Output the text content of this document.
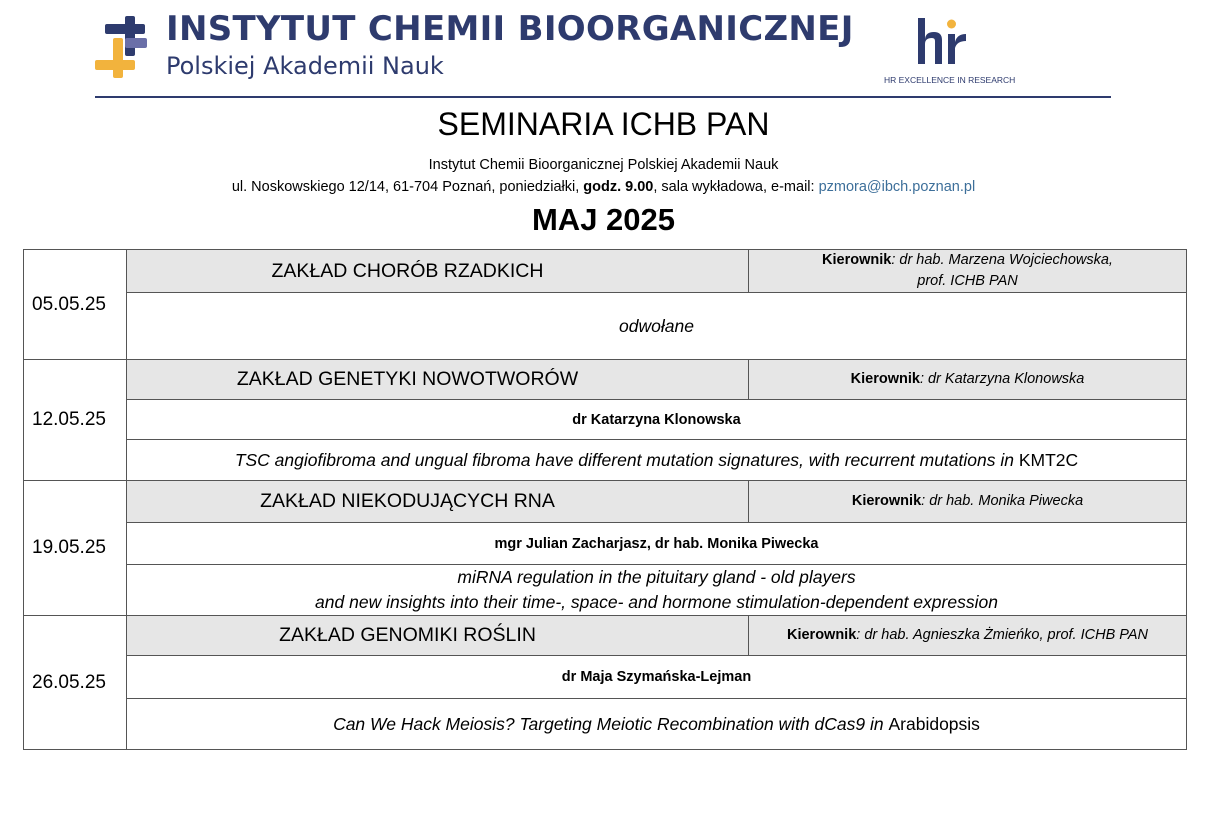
INSTYTUT CHEMII BIOORGANICZNEJ
Polskiej Akademii Nauk	HR EXCELLENCE IN RESEARCH
SEMINARIA ICHB PAN
Instytut Chemii Bioorganicznej Polskiej Akademii Nauk
ul. Noskowskiego 12/14, 61-704 Poznań, poniedziałki, godz. 9.00, sala wykładowa, e-mail: pzmora@ibch.poznan.pl
MAJ 2025
05.05.25	ZAKŁAD CHORÓB RZADKICH	Kierownik: dr hab. Marzena Wojciechowska,
prof. ICHB PAN
	odwołane	
12.05.25	ZAKŁAD GENETYKI NOWOTWORÓW	Kierownik: dr Katarzyna Klonowska
	dr Katarzyna Klonowska	
	TSC angiofibroma and ungual fibroma have different mutation signatures, with recurrent mutations in KMT2C	
19.05.25	ZAKŁAD NIEKODUJĄCYCH RNA	Kierownik: dr hab. Monika Piwecka
	mgr Julian Zacharjasz, dr hab. Monika Piwecka	
	miRNA regulation in the pituitary gland - old players
and new insights into their time-, space- and hormone stimulation-dependent expression	
26.05.25	ZAKŁAD GENOMIKI ROŚLIN	Kierownik: dr hab. Agnieszka Żmieńko, prof. ICHB PAN
	dr Maja Szymańska-Lejman	
	Can We Hack Meiosis? Targeting Meiotic Recombination with dCas9 in Arabidopsis	
